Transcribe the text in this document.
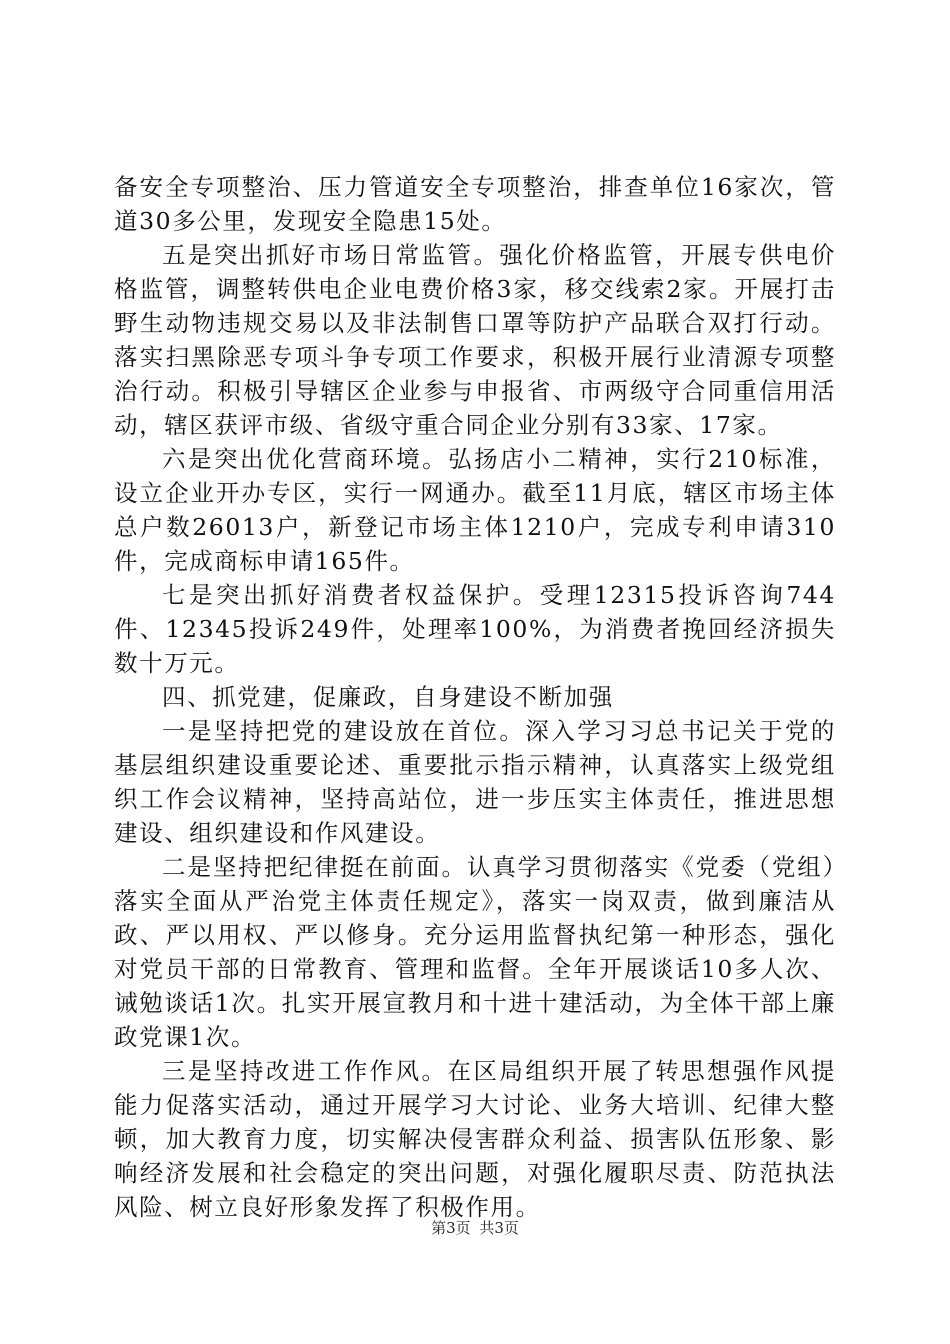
备安全专项整治、压力管道安全专项整治，排查单位16家次，管道30多公里，发现安全隐患15处。

五是突出抓好市场日常监管。强化价格监管，开展专供电价格监管，调整转供电企业电费价格3家，移交线索2家。开展打击野生动物违规交易以及非法制售口罩等防护产品联合双打行动。落实扫黑除恶专项斗争专项工作要求，积极开展行业清源专项整治行动。积极引导辖区企业参与申报省、市两级守合同重信用活动，辖区获评市级、省级守重合同企业分别有33家、17家。

六是突出优化营商环境。弘扬店小二精神，实行210标准，设立企业开办专区，实行一网通办。截至11月底，辖区市场主体总户数26013户，新登记市场主体1210户，完成专利申请310件，完成商标申请165件。

七是突出抓好消费者权益保护。受理12315投诉咨询744件、12345投诉249件，处理率100%，为消费者挽回经济损失数十万元。

四、抓党建，促廉政，自身建设不断加强

一是坚持把党的建设放在首位。深入学习习总书记关于党的基层组织建设重要论述、重要批示指示精神，认真落实上级党组织工作会议精神，坚持高站位，进一步压实主体责任，推进思想建设、组织建设和作风建设。

二是坚持把纪律挺在前面。认真学习贯彻落实《党委（党组）落实全面从严治党主体责任规定》，落实一岗双责，做到廉洁从政、严以用权、严以修身。充分运用监督执纪第一种形态，强化对党员干部的日常教育、管理和监督。全年开展谈话10多人次、诫勉谈话1次。扎实开展宣教月和十进十建活动，为全体干部上廉政党课1次。

三是坚持改进工作作风。在区局组织开展了转思想强作风提能力促落实活动，通过开展学习大讨论、业务大培训、纪律大整顿，加大教育力度，切实解决侵害群众利益、损害队伍形象、影响经济发展和社会稳定的突出问题，对强化履职尽责、防范执法风险、树立良好形象发挥了积极作用。

第3页 共3页
